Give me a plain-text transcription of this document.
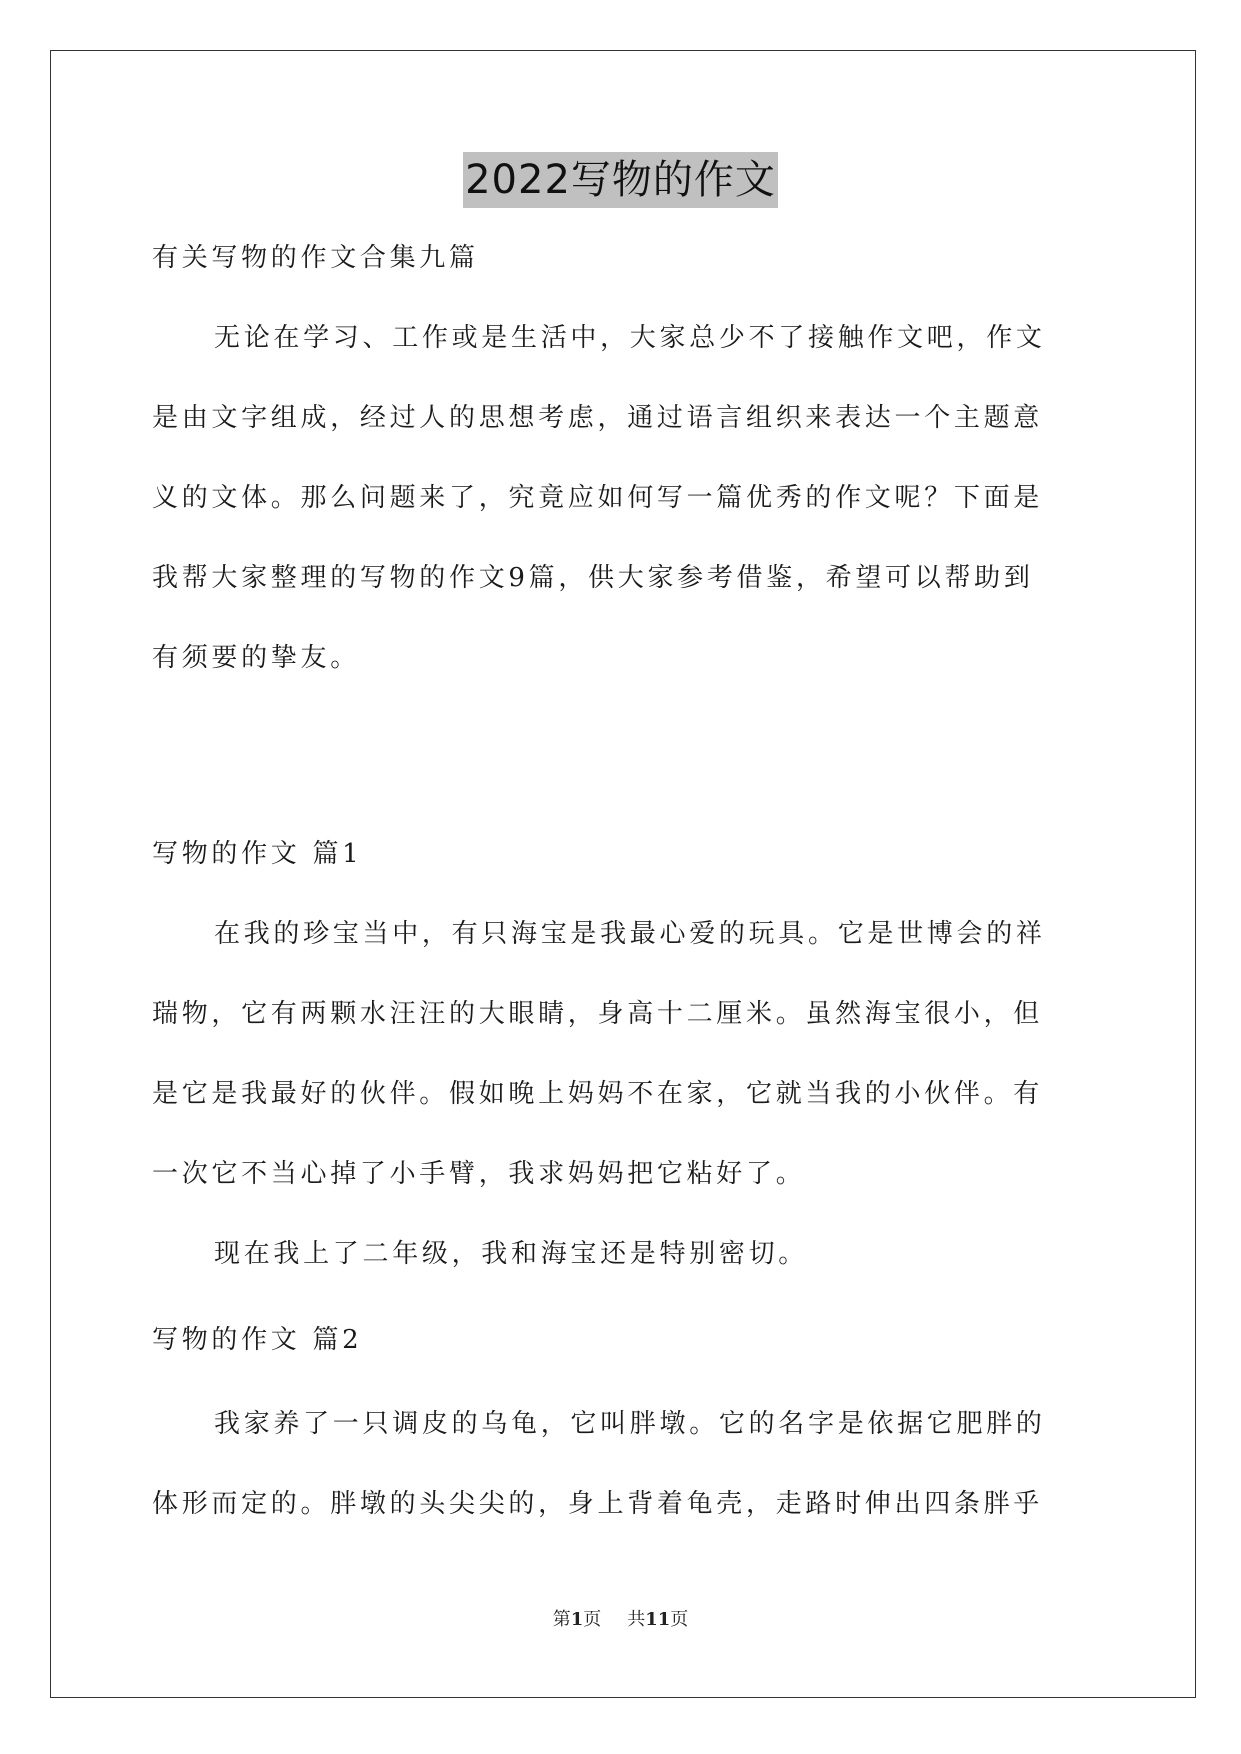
2022写物的作文
有关写物的作文合集九篇
无论在学习、工作或是生活中，大家总少不了接触作文吧，作文
是由文字组成，经过人的思想考虑，通过语言组织来表达一个主题意
义的文体。那么问题来了，究竟应如何写一篇优秀的作文呢？下面是
我帮大家整理的写物的作文9篇，供大家参考借鉴，希望可以帮助到
有须要的挚友。
写物的作文 篇1
在我的珍宝当中，有只海宝是我最心爱的玩具。它是世博会的祥
瑞物，它有两颗水汪汪的大眼睛，身高十二厘米。虽然海宝很小，但
是它是我最好的伙伴。假如晚上妈妈不在家，它就当我的小伙伴。有
一次它不当心掉了小手臂，我求妈妈把它粘好了。
现在我上了二年级，我和海宝还是特别密切。
写物的作文 篇2
我家养了一只调皮的乌龟，它叫胖墩。它的名字是依据它肥胖的
体形而定的。胖墩的头尖尖的，身上背着龟壳，走路时伸出四条胖乎
第1页 共11页
